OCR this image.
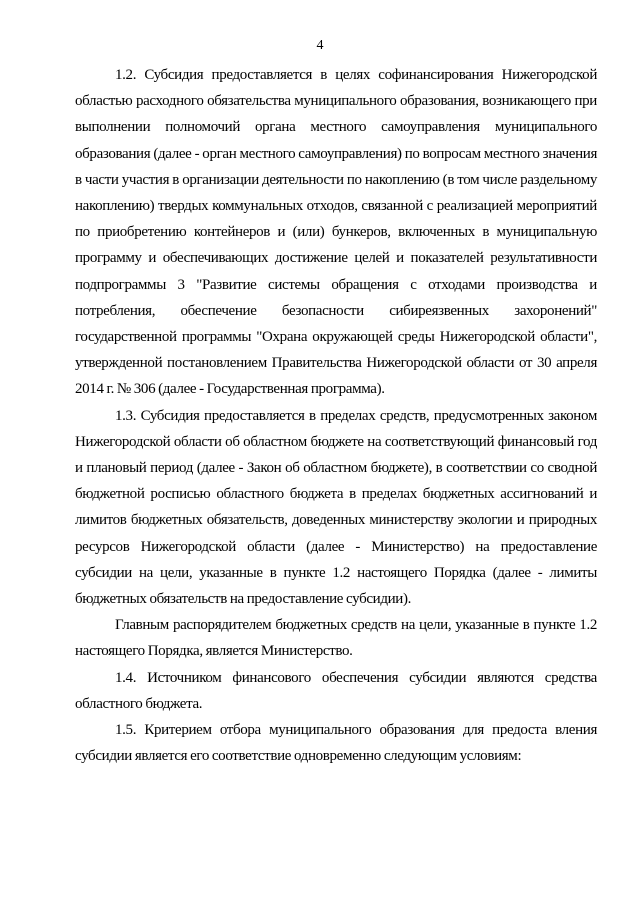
4

1.2. Субсидия предоставляется в целях софинансирования Нижегородской областью расходного обязательства муниципального образования, возникающего при выполнении полномочий органа местного самоуправления муниципального образования (далее - орган местного самоуправления) по вопросам местного значения в части участия в организации деятельности по накоплению (в том числе раздельному накоплению) твердых коммунальных отходов, связанной с реализацией мероприятий по приобретению контейнеров и (или) бункеров, включенных в муниципальную программу и обеспечивающих достижение целей и показателей результативности подпрограммы 3 "Развитие системы обращения с отходами производства и потребления, обеспечение безопасности сибиреязвенных захоронений" государственной программы "Охрана окружающей среды Нижегородской области", утвержденной постановлением Правительства Нижегородской области от 30 апреля 2014 г. № 306 (далее - Государственная программа).

1.3. Субсидия предоставляется в пределах средств, предусмотренных законом Нижегородской области об областном бюджете на соответствующий финансовый год и плановый период (далее - Закон об областном бюджете), в соответствии со сводной бюджетной росписью областного бюджета в пределах бюджетных ассигнований и лимитов бюджетных обязательств, доведенных министерству экологии и природных ресурсов Нижегородской области (далее - Министерство) на предоставление субсидии на цели, указанные в пункте 1.2 настоящего Порядка (далее - лимиты бюджетных обязательств на предоставление субсидии).

Главным распорядителем бюджетных средств на цели, указанные в пункте 1.2 настоящего Порядка, является Министерство.

1.4. Источником финансового обеспечения субсидии являются средства областного бюджета.

1.5. Критерием отбора муниципального образования для предоста вления субсидии является его соответствие одновременно следующим условиям:
